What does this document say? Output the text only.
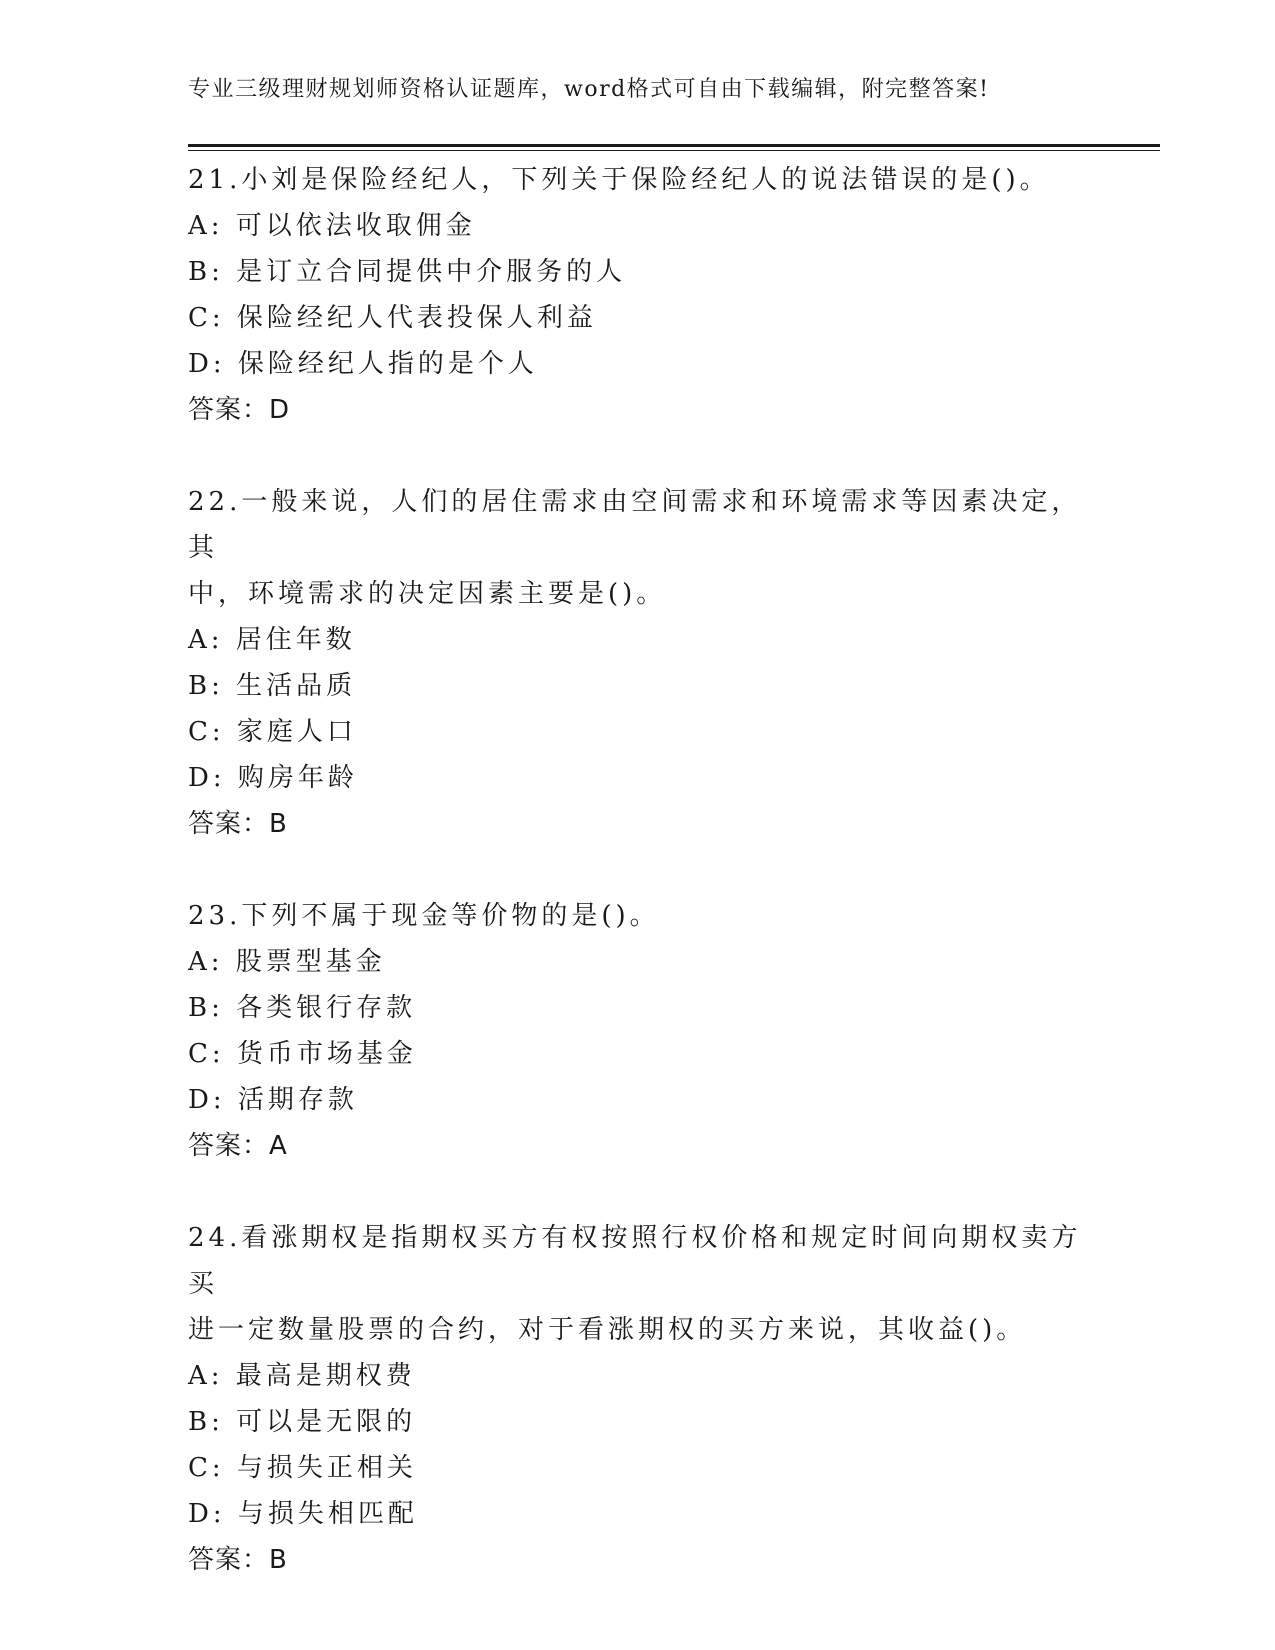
专业三级理财规划师资格认证题库，word格式可自由下载编辑，附完整答案!
21.小刘是保险经纪人，下列关于保险经纪人的说法错误的是()。
A: 可以依法收取佣金
B: 是订立合同提供中介服务的人
C: 保险经纪人代表投保人利益
D: 保险经纪人指的是个人
答案：D
22.一般来说，人们的居住需求由空间需求和环境需求等因素决定，其
中，环境需求的决定因素主要是()。
A: 居住年数
B: 生活品质
C: 家庭人口
D: 购房年龄
答案：B
23.下列不属于现金等价物的是()。
A: 股票型基金
B: 各类银行存款
C: 货币市场基金
D: 活期存款
答案：A
24.看涨期权是指期权买方有权按照行权价格和规定时间向期权卖方买
进一定数量股票的合约，对于看涨期权的买方来说，其收益()。
A: 最高是期权费
B: 可以是无限的
C: 与损失正相关
D: 与损失相匹配
答案：B
